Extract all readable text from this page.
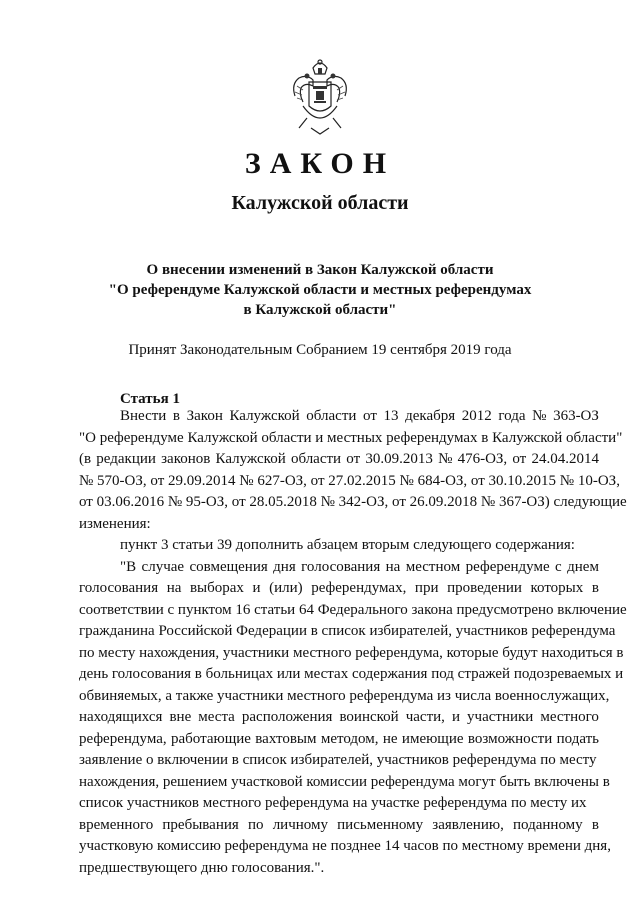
ЗАКОН
Калужской области
О внесении изменений в Закон Калужской области
"О референдуме Калужской области и местных референдумах
в Калужской области"
Принят Законодательным Собранием 19 сентября 2019 года
Статья 1
Внести в Закон Калужской области от 13 декабря 2012 года № 363-ОЗ
"О референдуме Калужской области и местных референдумах в Калужской области"
(в редакции законов Калужской области от 30.09.2013 № 476-ОЗ, от 24.04.2014
№ 570-ОЗ, от 29.09.2014 № 627-ОЗ, от 27.02.2015 № 684-ОЗ, от 30.10.2015 № 10-ОЗ,
от 03.06.2016 № 95-ОЗ, от 28.05.2018 № 342-ОЗ, от 26.09.2018 № 367-ОЗ) следующие
изменения:
пункт 3 статьи 39 дополнить абзацем вторым следующего содержания:
"В случае совмещения дня голосования на местном референдуме с днем
голосования на выборах и (или) референдумах, при проведении которых в
соответствии с пунктом 16 статьи 64 Федерального закона предусмотрено включение
гражданина Российской Федерации в список избирателей, участников референдума
по месту нахождения, участники местного референдума, которые будут находиться в
день голосования в больницах или местах содержания под стражей подозреваемых и
обвиняемых, а также участники местного референдума из числа военнослужащих,
находящихся вне места расположения воинской части, и участники местного
референдума, работающие вахтовым методом, не имеющие возможности подать
заявление о включении в список избирателей, участников референдума по месту
нахождения, решением участковой комиссии референдума могут быть включены в
список участников местного референдума на участке референдума по месту их
временного пребывания по личному письменному заявлению, поданному в
участковую комиссию референдума не позднее 14 часов по местному времени дня,
предшествующего дню голосования.".
